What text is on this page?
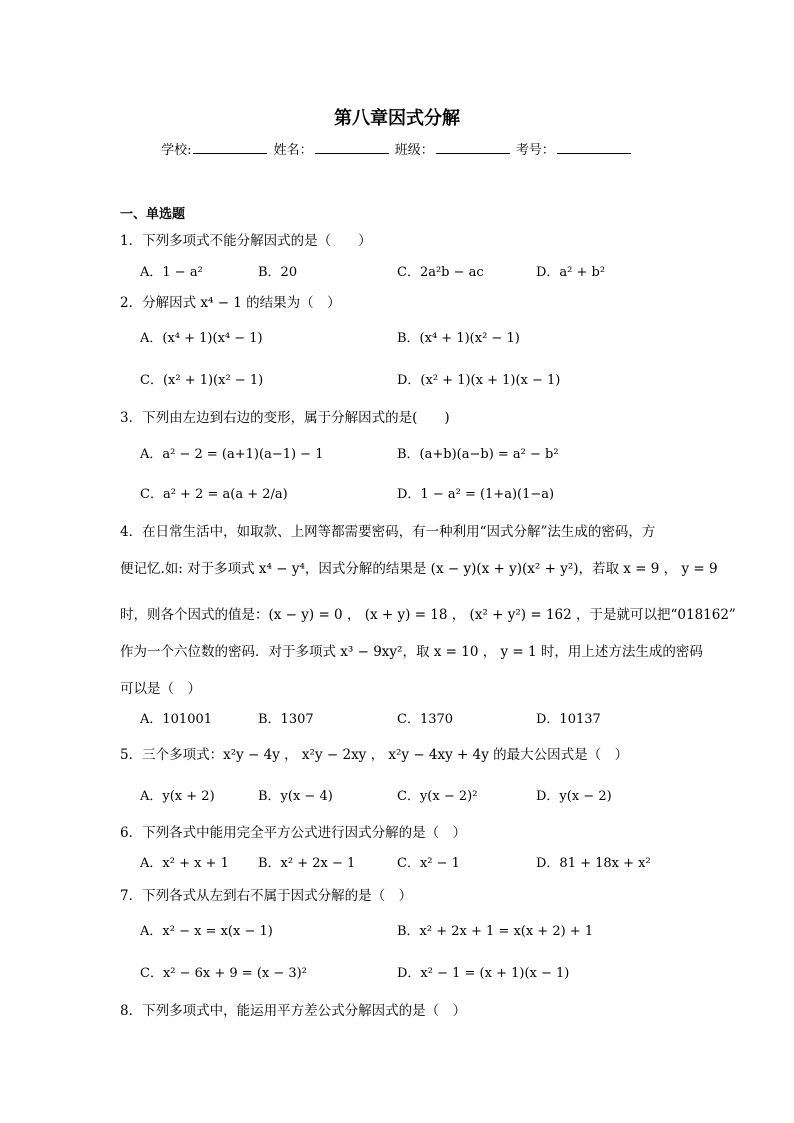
第八章因式分解
学校:	姓名：	班级：	考号：
一、单选题
1．下列多项式不能分解因式的是（　　）
A．1 − a²	B．20	C．2a²b − ac	D．a² + b²
2．分解因式 x⁴ − 1 的结果为（　）
A．(x⁴ + 1)(x⁴ − 1)	B．(x⁴ + 1)(x² − 1)
C．(x² + 1)(x² − 1)	D．(x² + 1)(x + 1)(x − 1)
3．下列由左边到右边的变形，属于分解因式的是(　　)
A．a² − 2 = (a+1)(a−1) − 1	B．(a+b)(a−b) = a² − b²
C．a² + 2 = a(a + 2/a)	D．1 − a² = (1+a)(1−a)
4．在日常生活中，如取款、上网等都需要密码，有一种利用“因式分解”法生成的密码，方
便记忆.如: 对于多项式 x⁴ − y⁴，因式分解的结果是 (x − y)(x + y)(x² + y²)，若取 x = 9 ， y = 9
时，则各个因式的值是：(x − y) = 0 ， (x + y) = 18 ， (x² + y²) = 162 ，于是就可以把“018162”
作为一个六位数的密码．对于多项式 x³ − 9xy²，取 x = 10 ， y = 1 时，用上述方法生成的密码
可以是（　）
A．101001	B．1307	C．1370	D．10137
5．三个多项式：x²y − 4y ， x²y − 2xy ， x²y − 4xy + 4y 的最大公因式是（　）
A．y(x + 2)	B．y(x − 4)	C．y(x − 2)²	D．y(x − 2)
6．下列各式中能用完全平方公式进行因式分解的是（　）
A．x² + x + 1 B．x² + 2x − 1	C．x² − 1	D．81 + 18x + x²
7．下列各式从左到右不属于因式分解的是（　）
A．x² − x = x(x − 1)	B．x² + 2x + 1 = x(x + 2) + 1
C．x² − 6x + 9 = (x − 3)²	D．x² − 1 = (x + 1)(x − 1)
8．下列多项式中，能运用平方差公式分解因式的是（　）
